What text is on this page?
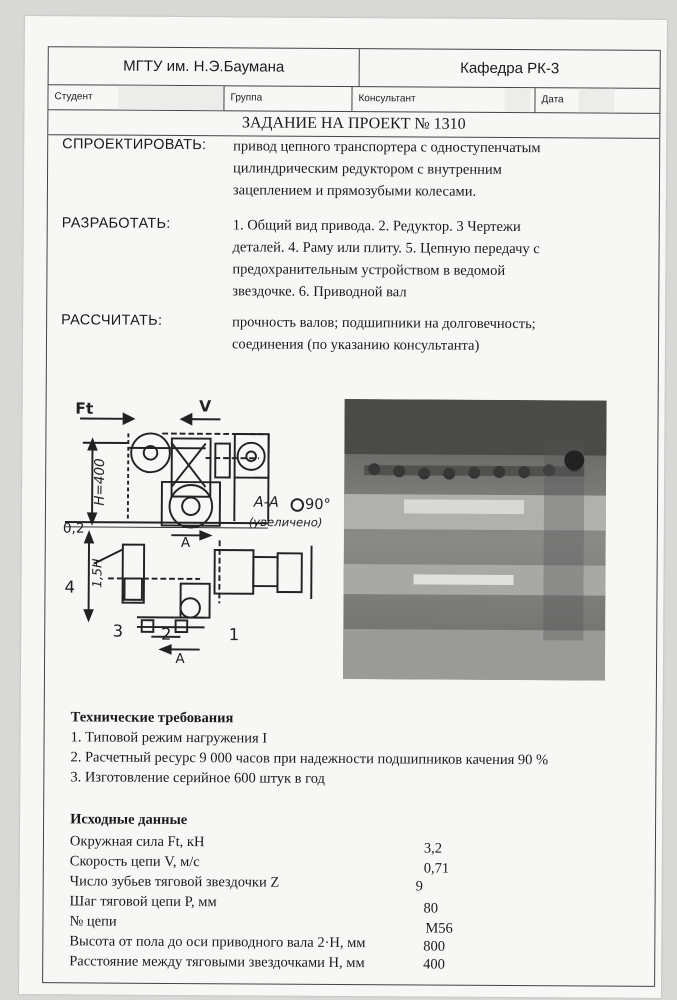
МГТУ им. Н.Э.Баумана	Кафедра РК-3
Студент	Группа	Консультант	Дата
ЗАДАНИЕ НА ПРОЕКТ № 1310
СПРОЕКТИРОВАТЬ: привод цепного транспортера с одноступенчатым
цилиндрическим редуктором с внутренним
зацеплением и прямозубыми колесами.
РАЗРАБОТАТЬ:	1. Общий вид привода. 2. Редуктор. 3 Чертежи
деталей. 4. Раму или плиту. 5. Цепную передачу с
предохранительным устройством в ведомой
звездочке. 6. Приводной вал
РАССЧИТАТЬ:	прочность валов; подшипники на долговечность;
соединения (по указанию консультанта)
Ft	V
H=400	A-A 90°
(увеличено)
0,2
1,5H
4
3 2	1
A
A
Технические требования
1. Типовой режим нагружения I
2. Расчетный ресурс 9 000 часов при надежности подшипников качения 90 %
3. Изготовление серийное 600 штук в год
Исходные данные
Окружная сила Ft, кН	3,2
Скорость цепи V, м/с	0,71
Число зубьев тяговой звездочки Z	9
Шаг тяговой цепи P, мм	80
№ цепи	M56
Высота от пола до оси приводного вала 2·H, мм	800
Расстояние между тяговыми звездочками H, мм	400
